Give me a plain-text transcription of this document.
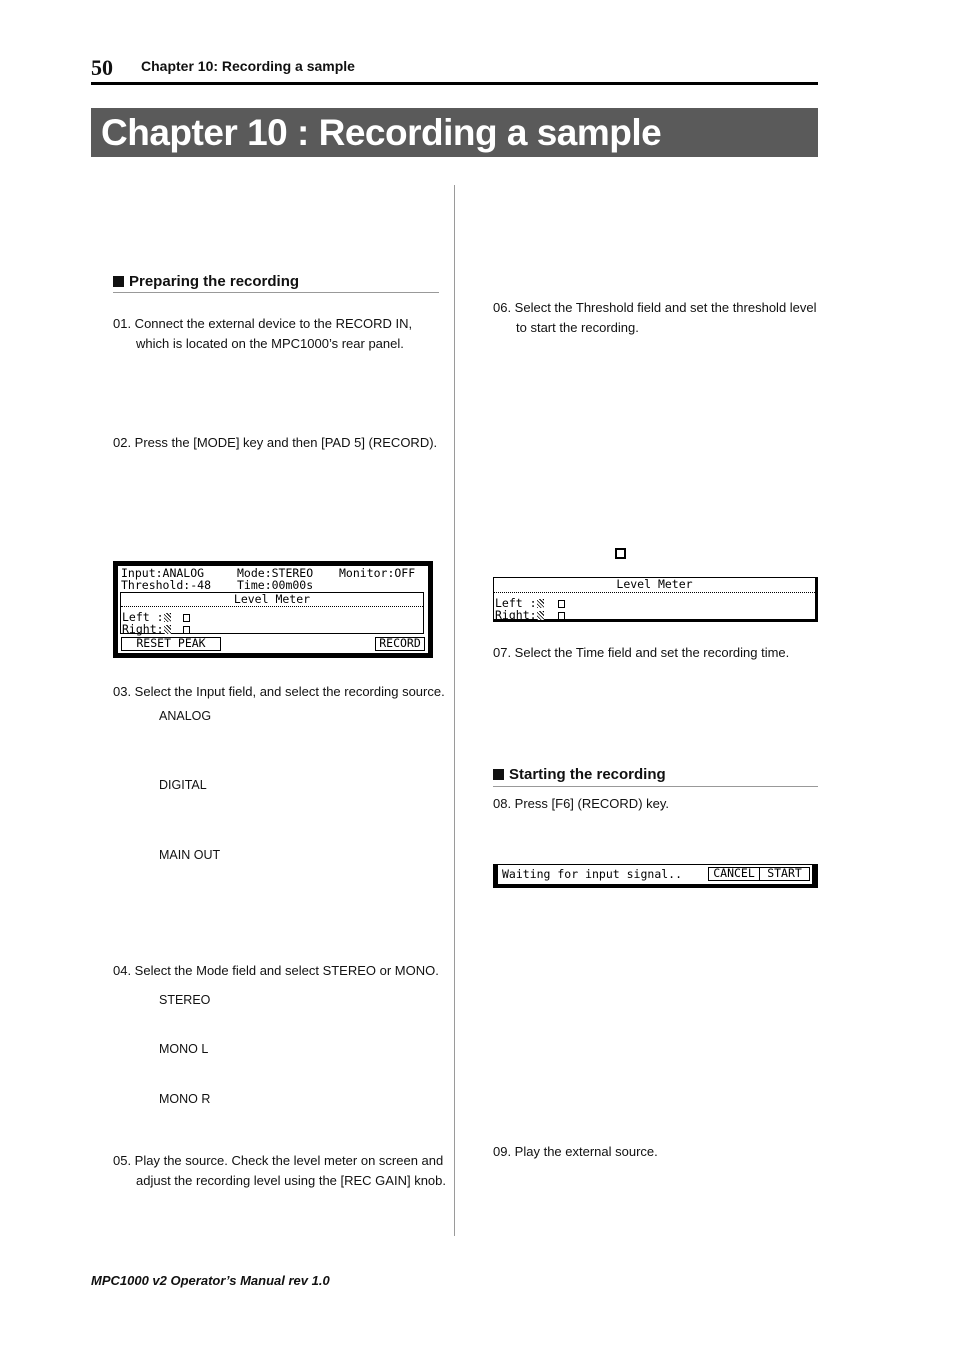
50 Chapter 10: Recording a sample
Chapter 10 : Recording a sample
Preparing the recording
01. Connect the external device to the RECORD IN,
which is located on the MPC1000’s rear panel.
02. Press the [MODE] key and then [PAD 5] (RECORD).
Input:ANALOG	Mode:STEREO Monitor:OFF
Threshold:-48 Time:00m00s
Level Meter
Left :
Right:
RESET PEAK	RECORD
03. Select the Input field, and select the recording source.
ANALOG
DIGITAL
MAIN OUT
04. Select the Mode field and select STEREO or MONO.
STEREO
MONO L
MONO R
05. Play the source. Check the level meter on screen and
adjust the recording level using the [REC GAIN] knob.
06. Select the Threshold field and set the threshold level
to start the recording.
Level Meter
Left :
Right:
07. Select the Time field and set the recording time.
Starting the recording
08. Press [F6] (RECORD) key.
Waiting for input signal..	CANCEL	START
09. Play the external source.
MPC1000 v2 Operator’s Manual rev 1.0
